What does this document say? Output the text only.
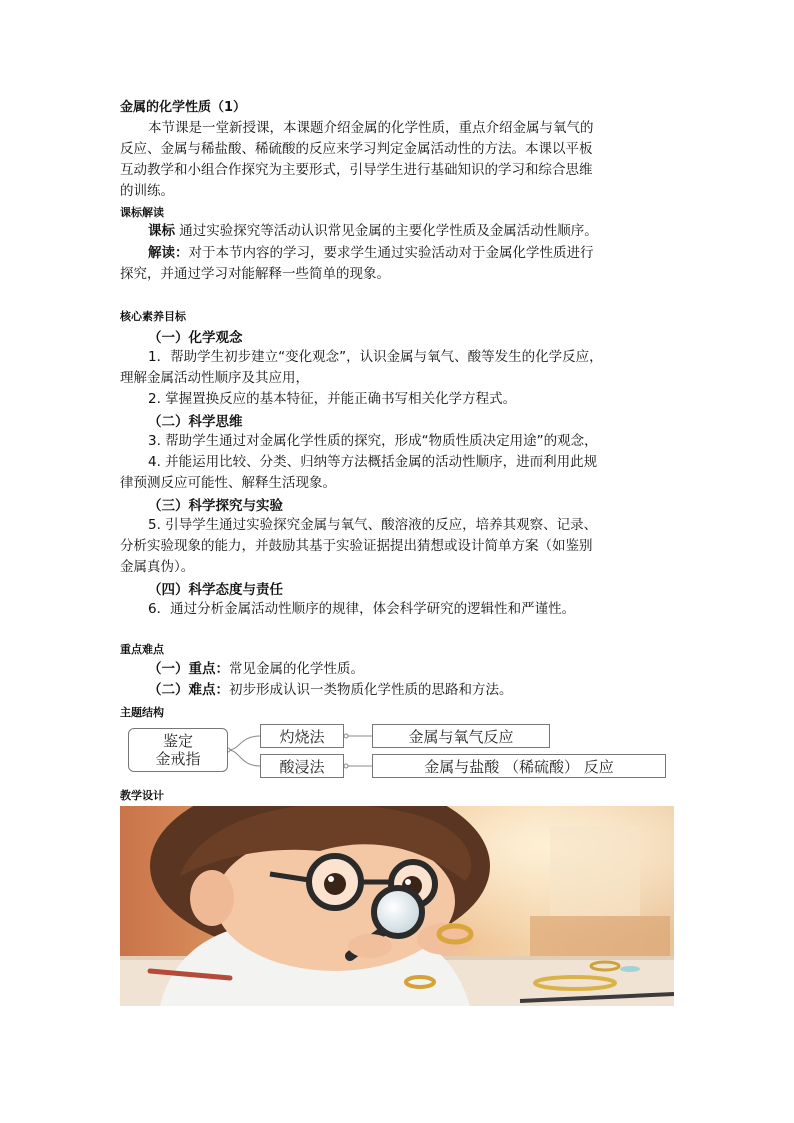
金属的化学性质（1）
本节课是一堂新授课，本课题介绍金属的化学性质，重点介绍金属与氧气的
反应、金属与稀盐酸、稀硫酸的反应来学习判定金属活动性的方法。本课以平板
互动教学和小组合作探究为主要形式，引导学生进行基础知识的学习和综合思维
的训练。
课标解读
课标 通过实验探究等活动认识常见金属的主要化学性质及金属活动性顺序。
解读：对于本节内容的学习，要求学生通过实验活动对于金属化学性质进行
探究，并通过学习对能解释一些简单的现象。
核心素养目标
（一）化学观念
1．帮助学生初步建立“变化观念”，认识金属与氧气、酸等发生的化学反应，
理解金属活动性顺序及其应用，
2. 掌握置换反应的基本特征，并能正确书写相关化学方程式。
（二）科学思维
3. 帮助学生通过对金属化学性质的探究，形成“物质性质决定用途”的观念，
4. 并能运用比较、分类、归纳等方法概括金属的活动性顺序，进而利用此规
律预测反应可能性、解释生活现象。
（三）科学探究与实验
5. 引导学生通过实验探究金属与氧气、酸溶液的反应，培养其观察、记录、
分析实验现象的能力，并鼓励其基于实验证据提出猜想或设计简单方案（如鉴别
金属真伪）。
（四）科学态度与责任
6．通过分析金属活动性顺序的规律，体会科学研究的逻辑性和严谨性。
重点难点
（一）重点：常见金属的化学性质。
（二）难点：初步形成认识一类物质化学性质的思路和方法。
主题结构
鉴定
金戒指
灼烧法
酸浸法
金属与氧气反应
金属与盐酸 （稀硫酸） 反应
教学设计
